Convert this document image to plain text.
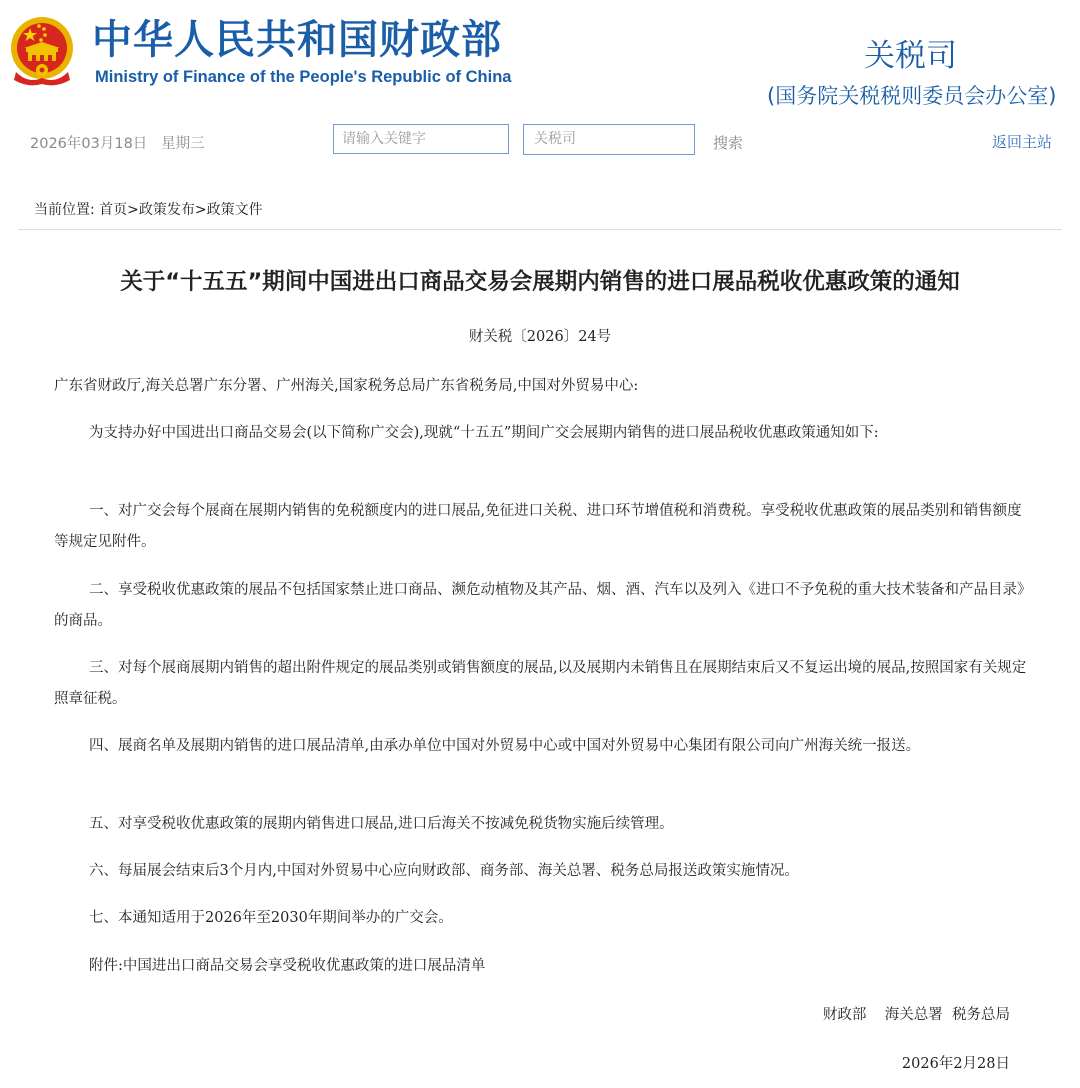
中华人民共和国财政部
Ministry of Finance of the People's Republic of China
关税司
(国务院关税税则委员会办公室)
2026年03月18日   星期三
请输入关键字	关税司	搜索	返回主站
当前位置: 首页>政策发布>政策文件
关于“十五五”期间中国进出口商品交易会展期内销售的进口展品税收优惠政策的通知
财关税〔2026〕24号
广东省财政厅,海关总署广东分署、广州海关,国家税务总局广东省税务局,中国对外贸易中心:
为支持办好中国进出口商品交易会(以下简称广交会),现就“十五五”期间广交会展期内销售的进口展品税收优惠政策通知如下:
一、对广交会每个展商在展期内销售的免税额度内的进口展品,免征进口关税、进口环节增值税和消费税。享受税收优惠政策的展品类别和销售额度等规定见附件。
二、享受税收优惠政策的展品不包括国家禁止进口商品、濒危动植物及其产品、烟、酒、汽车以及列入《进口不予免税的重大技术装备和产品目录》的商品。
三、对每个展商展期内销售的超出附件规定的展品类别或销售额度的展品,以及展期内未销售且在展期结束后又不复运出境的展品,按照国家有关规定照章征税。
四、展商名单及展期内销售的进口展品清单,由承办单位中国对外贸易中心或中国对外贸易中心集团有限公司向广州海关统一报送。
五、对享受税收优惠政策的展期内销售进口展品,进口后海关不按减免税货物实施后续管理。
六、每届展会结束后3个月内,中国对外贸易中心应向财政部、商务部、海关总署、税务总局报送政策实施情况。
七、本通知适用于2026年至2030年期间举办的广交会。
附件:中国进出口商品交易会享受税收优惠政策的进口展品清单
财政部    海关总署  税务总局
2026年2月28日
